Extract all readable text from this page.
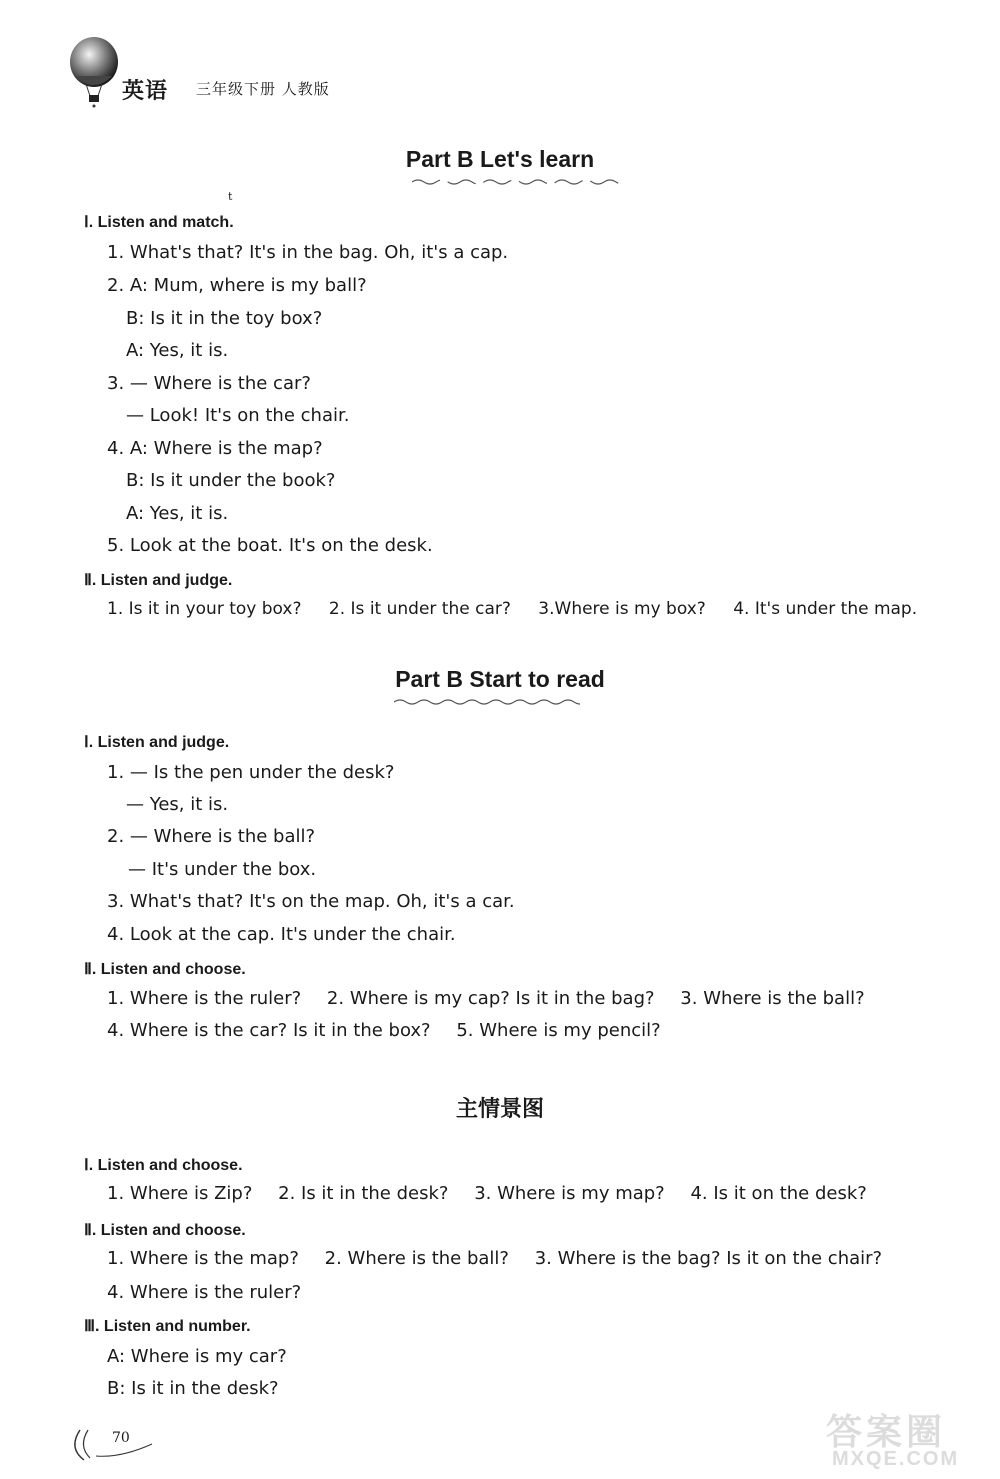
英语 三年级下册 人教版
Part B Let's learn
t
Ⅰ. Listen and match.
1. What's that? It's in the bag. Oh, it's a cap.
2. A: Mum, where is my ball?
B: Is it in the toy box?
A: Yes, it is.
3. — Where is the car?
— Look! It's on the chair.
4. A: Where is the map?
B: Is it under the book?
A: Yes, it is.
5. Look at the boat. It's on the desk.
Ⅱ. Listen and judge.
1. Is it in your toy box? 2. Is it under the car? 3.Where is my box? 4. It's under the map.
Part B Start to read
Ⅰ. Listen and judge.
1. — Is the pen under the desk?
— Yes, it is.
2. — Where is the ball?
— It's under the box.
3. What's that? It's on the map. Oh, it's a car.
4. Look at the cap. It's under the chair.
Ⅱ. Listen and choose.
1. Where is the ruler? 2. Where is my cap? Is it in the bag? 3. Where is the ball?
4. Where is the car? Is it in the box? 5. Where is my pencil?
主情景图
Ⅰ. Listen and choose.
1. Where is Zip? 2. Is it in the desk? 3. Where is my map? 4. Is it on the desk?
Ⅱ. Listen and choose.
1. Where is the map? 2. Where is the ball? 3. Where is the bag? Is it on the chair?
4. Where is the ruler?
Ⅲ. Listen and number.
A: Where is my car?
B: Is it in the desk?
70	答案圈
MXQE.COM
